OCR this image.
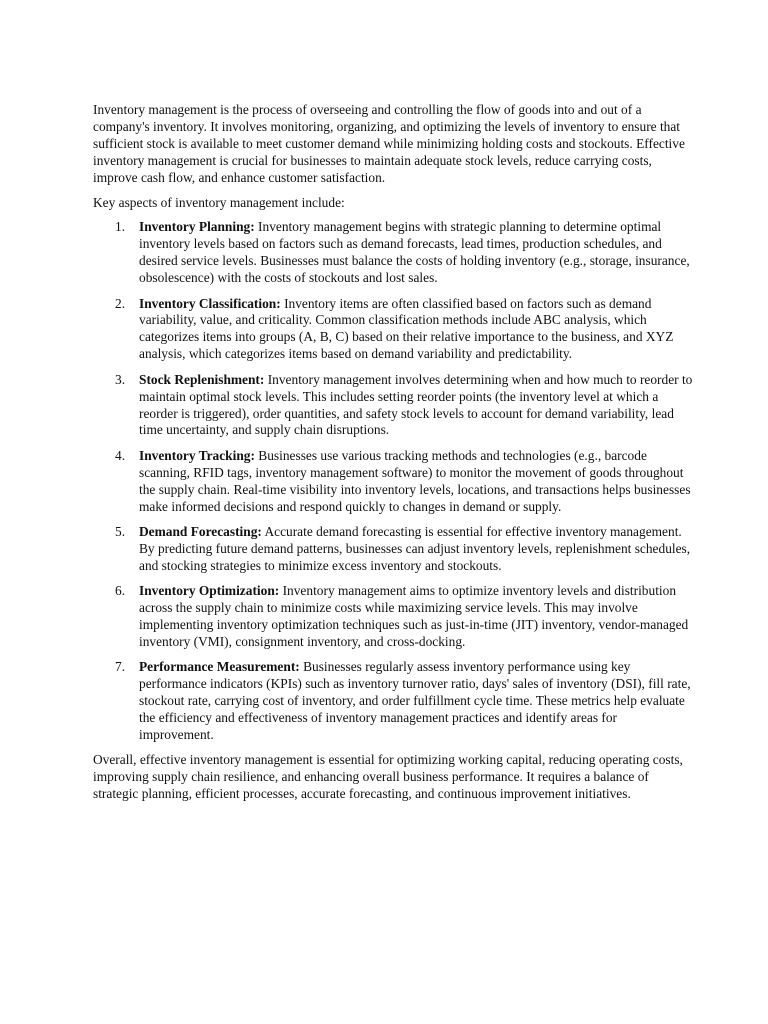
Inventory management is the process of overseeing and controlling the flow of goods into and out of a company's inventory. It involves monitoring, organizing, and optimizing the levels of inventory to ensure that sufficient stock is available to meet customer demand while minimizing holding costs and stockouts. Effective inventory management is crucial for businesses to maintain adequate stock levels, reduce carrying costs, improve cash flow, and enhance customer satisfaction.

Key aspects of inventory management include:

1. Inventory Planning: Inventory management begins with strategic planning to determine optimal inventory levels based on factors such as demand forecasts, lead times, production schedules, and desired service levels. Businesses must balance the costs of holding inventory (e.g., storage, insurance, obsolescence) with the costs of stockouts and lost sales.
2. Inventory Classification: Inventory items are often classified based on factors such as demand variability, value, and criticality. Common classification methods include ABC analysis, which categorizes items into groups (A, B, C) based on their relative importance to the business, and XYZ analysis, which categorizes items based on demand variability and predictability.
3. Stock Replenishment: Inventory management involves determining when and how much to reorder to maintain optimal stock levels. This includes setting reorder points (the inventory level at which a reorder is triggered), order quantities, and safety stock levels to account for demand variability, lead time uncertainty, and supply chain disruptions.
4. Inventory Tracking: Businesses use various tracking methods and technologies (e.g., barcode scanning, RFID tags, inventory management software) to monitor the movement of goods throughout the supply chain. Real-time visibility into inventory levels, locations, and transactions helps businesses make informed decisions and respond quickly to changes in demand or supply.
5. Demand Forecasting: Accurate demand forecasting is essential for effective inventory management. By predicting future demand patterns, businesses can adjust inventory levels, replenishment schedules, and stocking strategies to minimize excess inventory and stockouts.
6. Inventory Optimization: Inventory management aims to optimize inventory levels and distribution across the supply chain to minimize costs while maximizing service levels. This may involve implementing inventory optimization techniques such as just-in-time (JIT) inventory, vendor-managed inventory (VMI), consignment inventory, and cross-docking.
7. Performance Measurement: Businesses regularly assess inventory performance using key performance indicators (KPIs) such as inventory turnover ratio, days' sales of inventory (DSI), fill rate, stockout rate, carrying cost of inventory, and order fulfillment cycle time. These metrics help evaluate the efficiency and effectiveness of inventory management practices and identify areas for improvement.

Overall, effective inventory management is essential for optimizing working capital, reducing operating costs, improving supply chain resilience, and enhancing overall business performance. It requires a balance of strategic planning, efficient processes, accurate forecasting, and continuous improvement initiatives.
